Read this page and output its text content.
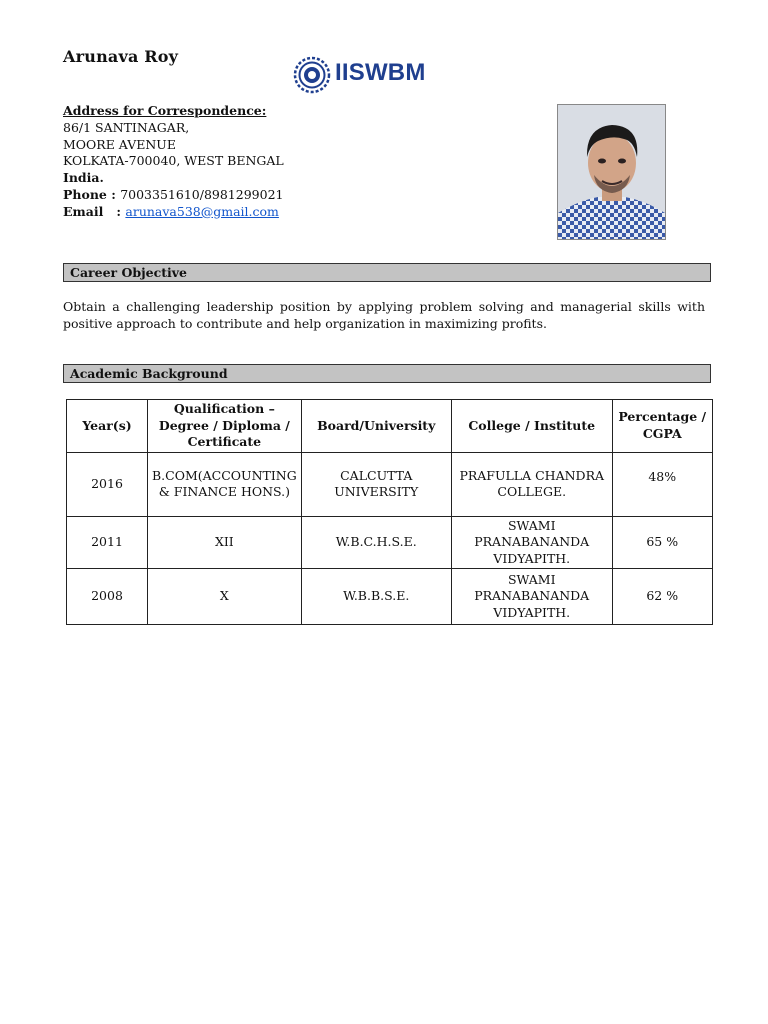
Arunava Roy
IISWBM
Address for Correspondence:
86/1 SANTINAGAR,
MOORE AVENUE
KOLKATA-700040, WEST BENGAL
India.
Phone : 7003351610/8981299021
Email   : arunava538@gmail.com
Career Objective
Obtain a challenging leadership position by applying problem solving and managerial skills with positive approach to contribute and help organization in maximizing profits.
Academic Background
Year(s)	Qualification – Degree / Diploma / Certificate	Board/University	College / Institute	Percentage / CGPA
2016	B.COM(ACCOUNTING & FINANCE HONS.)	CALCUTTA UNIVERSITY	PRAFULLA CHANDRA COLLEGE.	48%
2011	XII	W.B.C.H.S.E.	SWAMI PRANABANANDA VIDYAPITH.	65 %
2008	X	W.B.B.S.E.	SWAMI PRANABANANDA VIDYAPITH.	62 %
